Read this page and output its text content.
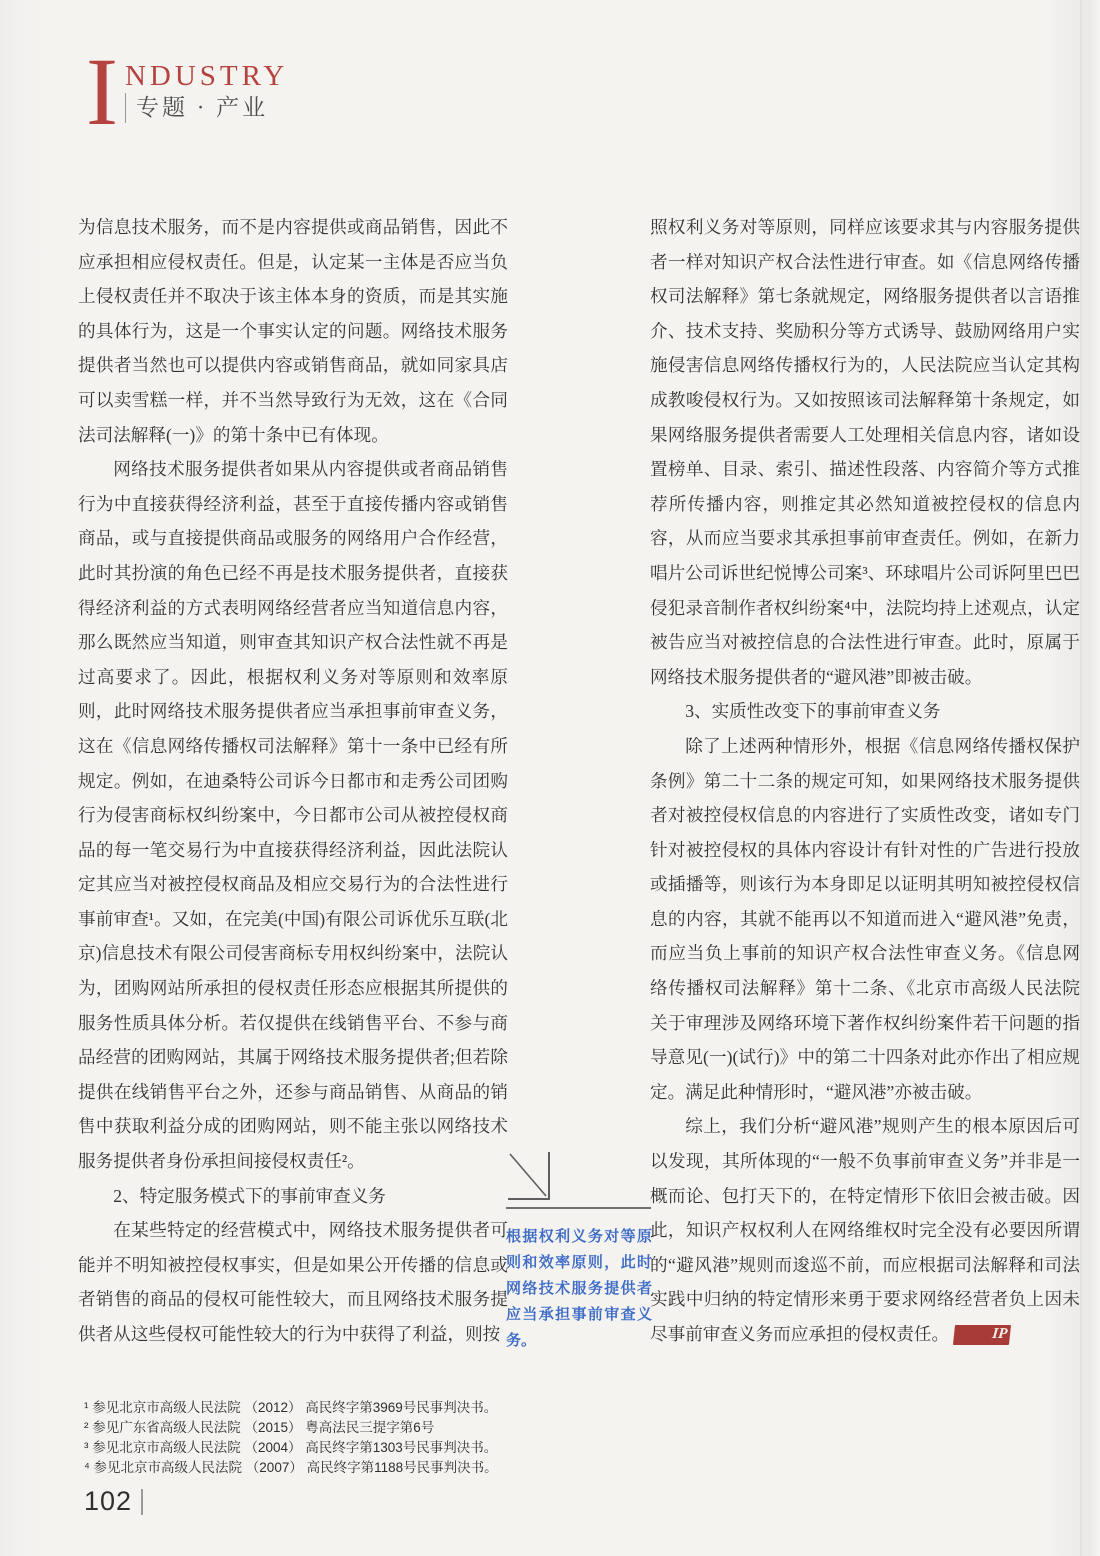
I NDUSTRY
专题 · 产业

为信息技术服务，而不是内容提供或商品销售，因此不应承担相应侵权责任。但是，认定某一主体是否应当负上侵权责任并不取决于该主体本身的资质，而是其实施的具体行为，这是一个事实认定的问题。网络技术服务提供者当然也可以提供内容或销售商品，就如同家具店可以卖雪糕一样，并不当然导致行为无效，这在《合同法司法解释(一)》的第十条中已有体现。

网络技术服务提供者如果从内容提供或者商品销售行为中直接获得经济利益，甚至于直接传播内容或销售商品，或与直接提供商品或服务的网络用户合作经营，此时其扮演的角色已经不再是技术服务提供者，直接获得经济利益的方式表明网络经营者应当知道信息内容，那么既然应当知道，则审查其知识产权合法性就不再是过高要求了。因此，根据权利义务对等原则和效率原则，此时网络技术服务提供者应当承担事前审查义务，这在《信息网络传播权司法解释》第十一条中已经有所规定。例如，在迪桑特公司诉今日都市和走秀公司团购行为侵害商标权纠纷案中，今日都市公司从被控侵权商品的每一笔交易行为中直接获得经济利益，因此法院认定其应当对被控侵权商品及相应交易行为的合法性进行事前审查¹。又如，在完美(中国)有限公司诉优乐互联(北京)信息技术有限公司侵害商标专用权纠纷案中，法院认为，团购网站所承担的侵权责任形态应根据其所提供的服务性质具体分析。若仅提供在线销售平台、不参与商品经营的团购网站，其属于网络技术服务提供者;但若除提供在线销售平台之外，还参与商品销售、从商品的销售中获取利益分成的团购网站，则不能主张以网络技术服务提供者身份承担间接侵权责任²。

2、特定服务模式下的事前审查义务

在某些特定的经营模式中，网络技术服务提供者可能并不明知被控侵权事实，但是如果公开传播的信息或者销售的商品的侵权可能性较大，而且网络技术服务提供者从这些侵权可能性较大的行为中获得了利益，则按

照权利义务对等原则，同样应该要求其与内容服务提供者一样对知识产权合法性进行审查。如《信息网络传播权司法解释》第七条就规定，网络服务提供者以言语推介、技术支持、奖励积分等方式诱导、鼓励网络用户实施侵害信息网络传播权行为的，人民法院应当认定其构成教唆侵权行为。又如按照该司法解释第十条规定，如果网络服务提供者需要人工处理相关信息内容，诸如设置榜单、目录、索引、描述性段落、内容简介等方式推荐所传播内容，则推定其必然知道被控侵权的信息内容，从而应当要求其承担事前审查责任。例如，在新力唱片公司诉世纪悦博公司案³、环球唱片公司诉阿里巴巴侵犯录音制作者权纠纷案⁴中，法院均持上述观点，认定被告应当对被控信息的合法性进行审查。此时，原属于网络技术服务提供者的“避风港”即被击破。

3、实质性改变下的事前审查义务

除了上述两种情形外，根据《信息网络传播权保护条例》第二十二条的规定可知，如果网络技术服务提供者对被控侵权信息的内容进行了实质性改变，诸如专门针对被控侵权的具体内容设计有针对性的广告进行投放或插播等，则该行为本身即足以证明其明知被控侵权信息的内容，其就不能再以不知道而进入“避风港”免责，而应当负上事前的知识产权合法性审查义务。《信息网络传播权司法解释》第十二条、《北京市高级人民法院关于审理涉及网络环境下著作权纠纷案件若干问题的指导意见(一)(试行)》中的第二十四条对此亦作出了相应规定。满足此种情形时，“避风港”亦被击破。

综上，我们分析“避风港”规则产生的根本原因后可以发现，其所体现的“一般不负事前审查义务”并非是一概而论、包打天下的，在特定情形下依旧会被击破。因此，知识产权权利人在网络维权时完全没有必要因所谓的“避风港”规则而逡巡不前，而应根据司法解释和司法实践中归纳的特定情形来勇于要求网络经营者负上因未尽事前审查义务而应承担的侵权责任。	IP

根据权利义务对等原则和效率原则，此时网络技术服务提供者应当承担事前审查义务。

¹ 参见北京市高级人民法院 （2012） 高民终字第3969号民事判决书。

² 参见广东省高级人民法院 （2015） 粤高法民三提字第6号

³ 参见北京市高级人民法院 （2004） 高民终字第1303号民事判决书。

⁴ 参见北京市高级人民法院 （2007） 高民终字第1188号民事判决书。

102
